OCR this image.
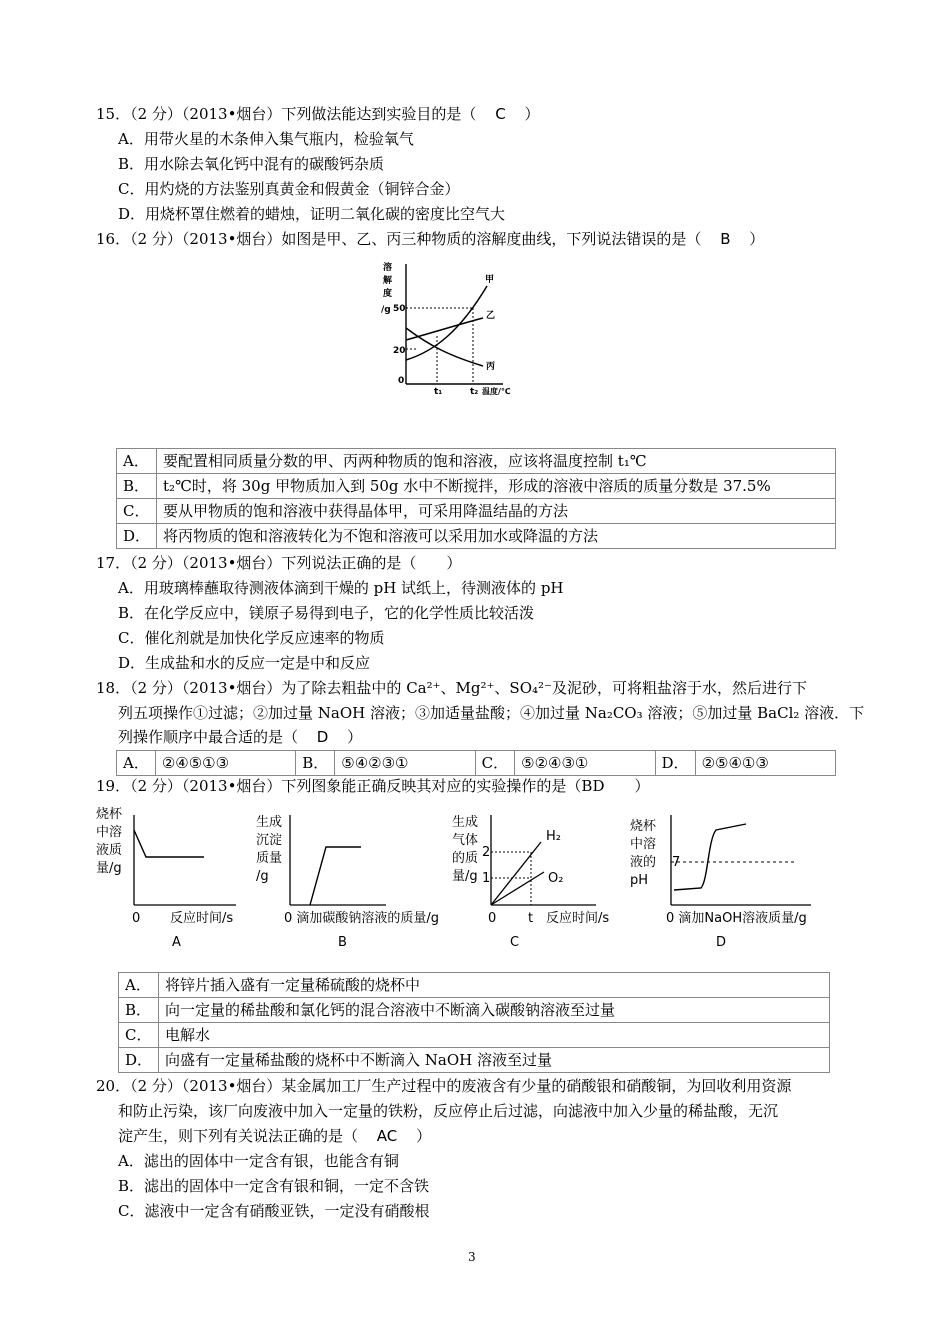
15．（2 分）（2013•烟台）下列做法能达到实验目的是（ C ）
A．用带火星的木条伸入集气瓶内，检验氧气
B．用水除去氧化钙中混有的碳酸钙杂质
C．用灼烧的方法鉴别真黄金和假黄金（铜锌合金）
D．用烧杯罩住燃着的蜡烛，证明二氧化碳的密度比空气大
16．（2 分）（2013•烟台）如图是甲、乙、丙三种物质的溶解度曲线，下列说法错误的是（ B ）
溶
解
度
/g 50
20
0
t₁	t₂ 温度/℃
甲
乙
丙
A．	要配置相同质量分数的甲、丙两种物质的饱和溶液，应该将温度控制 t₁℃
B．	t₂℃时，将 30g 甲物质加入到 50g 水中不断搅拌，形成的溶液中溶质的质量分数是 37.5%
C．	要从甲物质的饱和溶液中获得晶体甲，可采用降温结晶的方法
D．	将丙物质的饱和溶液转化为不饱和溶液可以采用加水或降温的方法
17．（2 分）（2013•烟台）下列说法正确的是（　　）
A．用玻璃棒蘸取待测液体滴到干燥的 pH 试纸上，待测液体的 pH
B．在化学反应中，镁原子易得到电子，它的化学性质比较活泼
C．催化剂就是加快化学反应速率的物质
D．生成盐和水的反应一定是中和反应
18．（2 分）（2013•烟台）为了除去粗盐中的 Ca²⁺、Mg²⁺、SO₄²⁻及泥砂，可将粗盐溶于水，然后进行下
列五项操作①过滤；②加过量 NaOH 溶液；③加适量盐酸；④加过量 Na₂CO₃ 溶液；⑤加过量 BaCl₂ 溶液．下
列操作顺序中最合适的是（ D ）
A．	②④⑤①③	B．	⑤④②③①	C．	⑤②④③①	D．	②⑤④①③
19．（2 分）（2013•烟台）下列图象能正确反映其对应的实验操作的是（BD　　）
烧杯
中溶
液质
量/g
0 反应时间/s
A
生成
沉淀
质量
/g
0 滴加碳酸钠溶液的质量/g
B
生成
气体
的质
量/g
2
1
H₂
O₂
0 t 反应时间/s
C
烧杯
中溶
液的
pH
7
0 滴加NaOH溶液质量/g
D
A．	将锌片插入盛有一定量稀硫酸的烧杯中
B．	向一定量的稀盐酸和氯化钙的混合溶液中不断滴入碳酸钠溶液至过量
C．	电解水
D．	向盛有一定量稀盐酸的烧杯中不断滴入 NaOH 溶液至过量
20．（2 分）（2013•烟台）某金属加工厂生产过程中的废液含有少量的硝酸银和硝酸铜，为回收利用资源
和防止污染，该厂向废液中加入一定量的铁粉，反应停止后过滤，向滤液中加入少量的稀盐酸，无沉
淀产生，则下列有关说法正确的是（ AC ）
A．滤出的固体中一定含有银，也能含有铜
B．滤出的固体中一定含有银和铜，一定不含铁
C．滤液中一定含有硝酸亚铁，一定没有硝酸根
3
